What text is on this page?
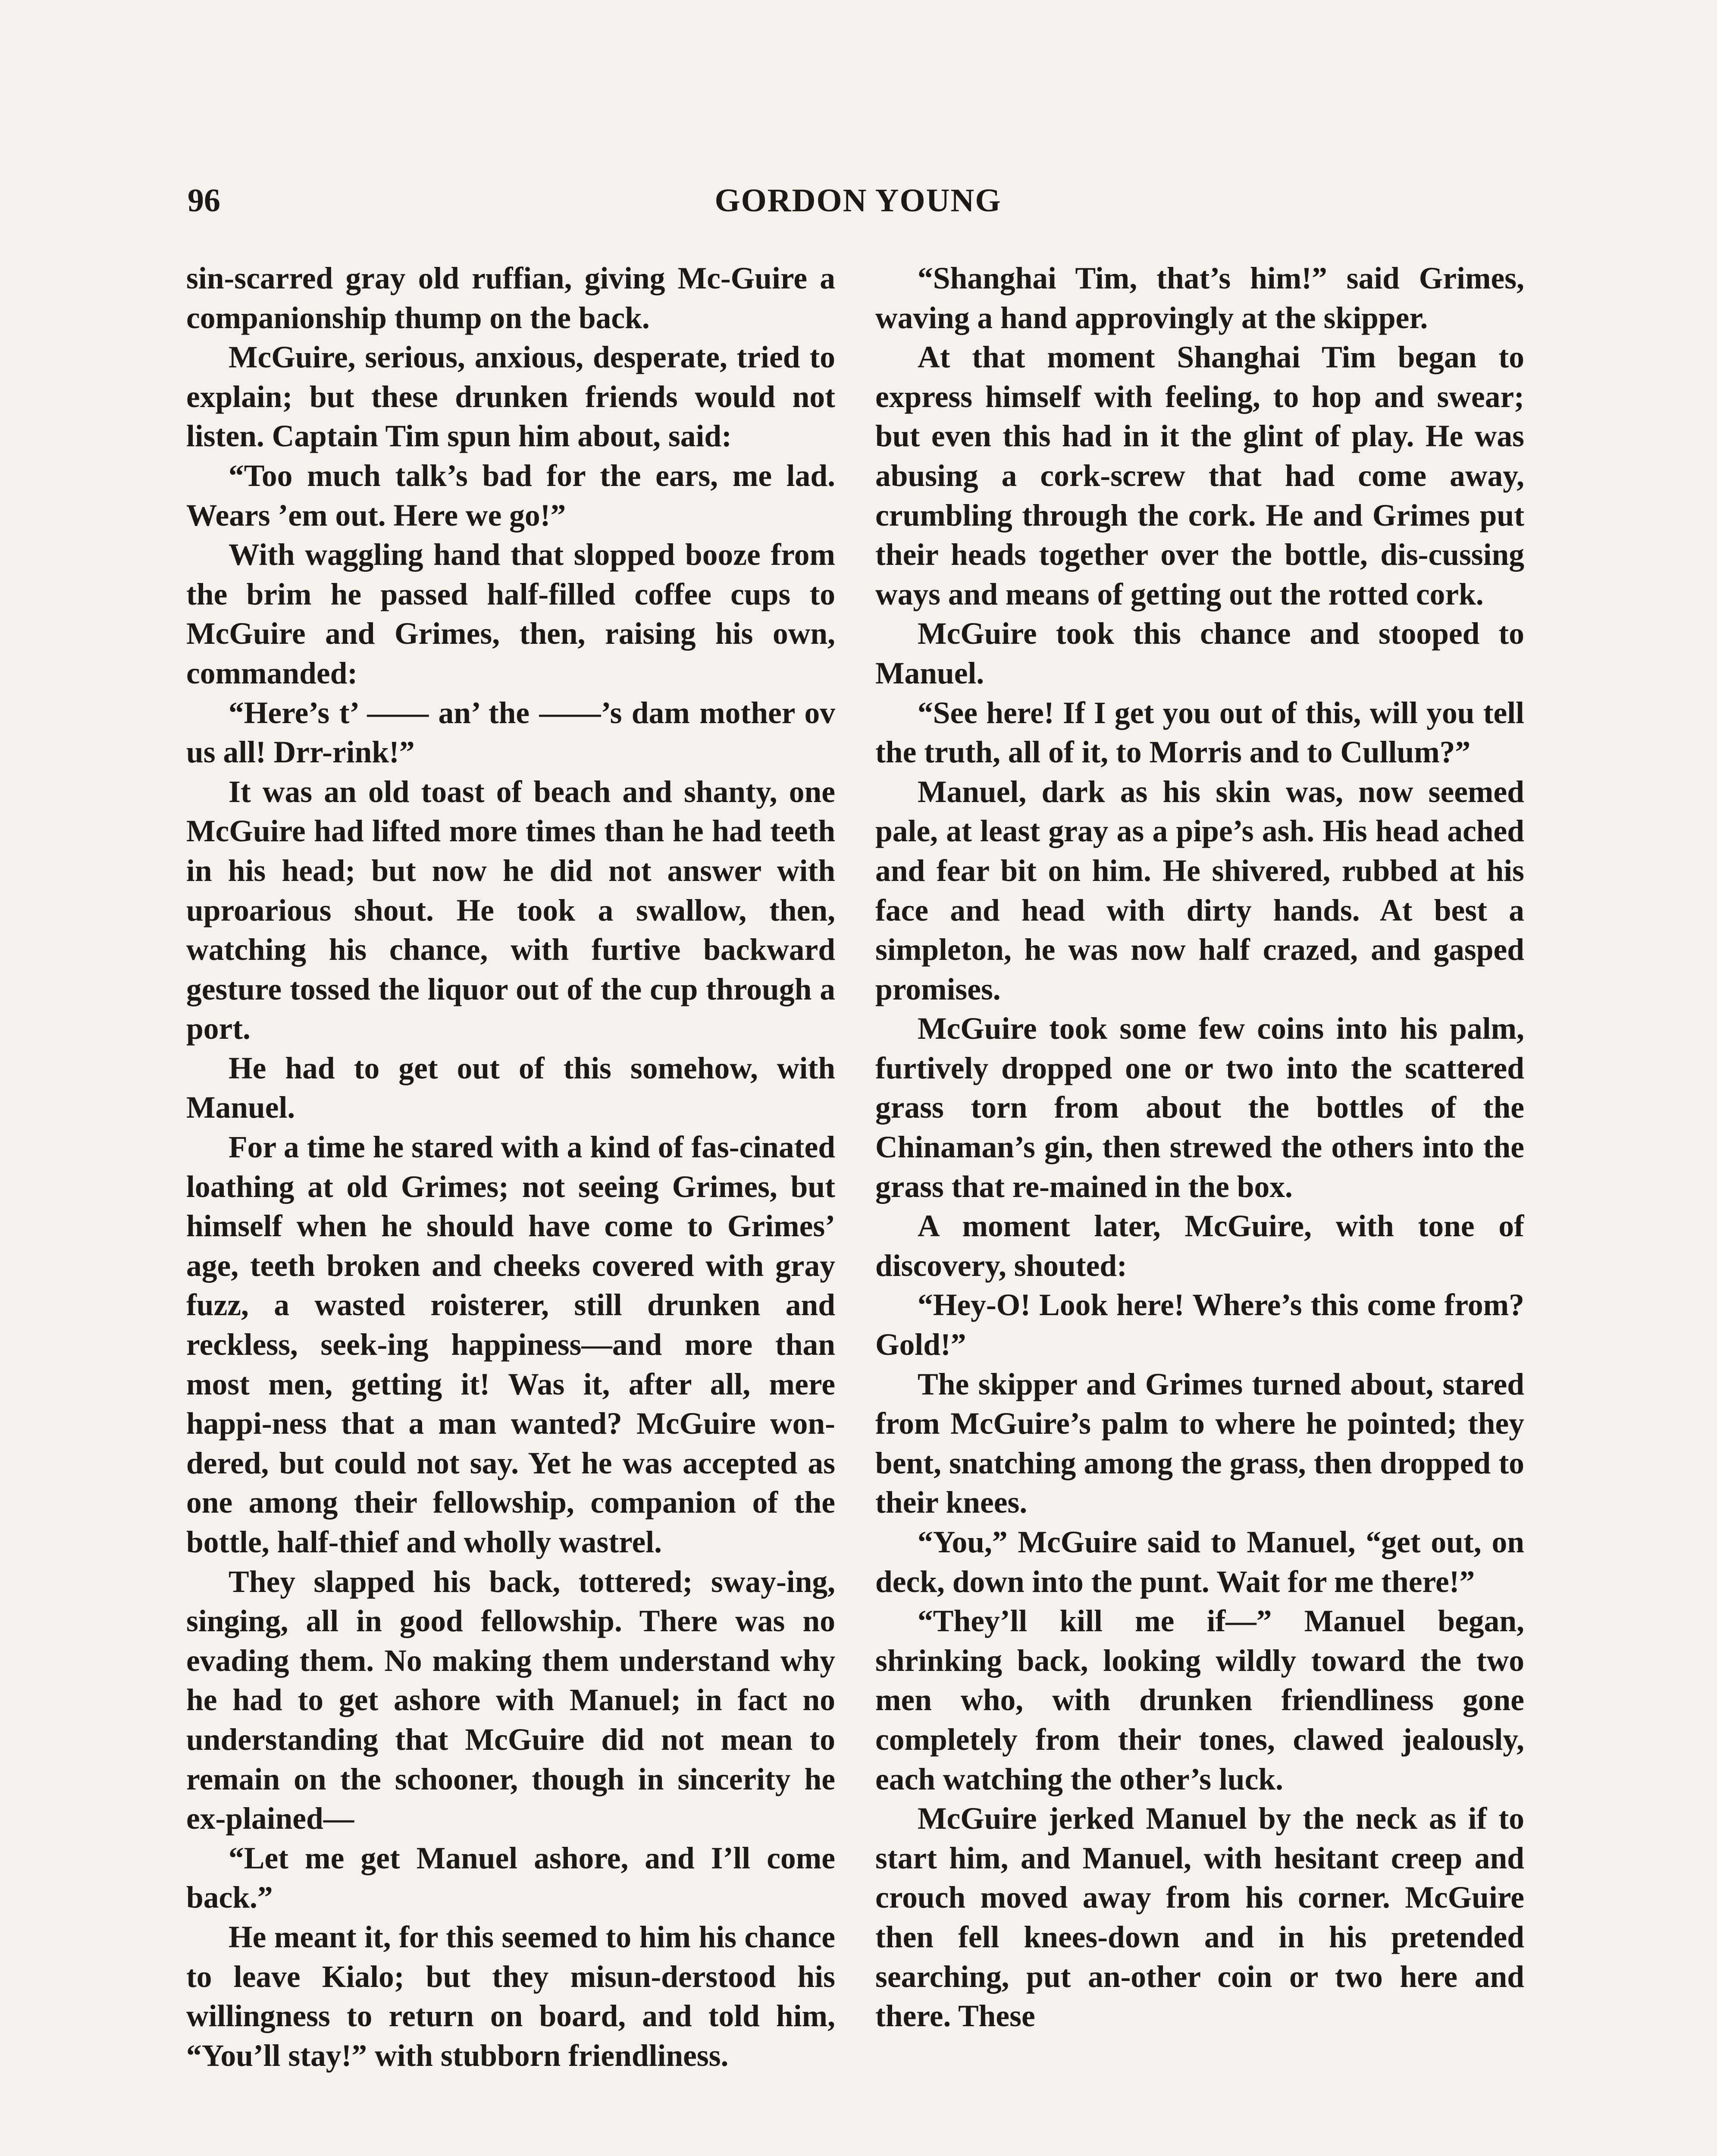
96	GORDON YOUNG

sin-scarred gray old ruffian, giving Mc-Guire a companionship thump on the back.

McGuire, serious, anxious, desperate, tried to explain; but these drunken friends would not listen. Captain Tim spun him about, said:

“Too much talk’s bad for the ears, me lad. Wears ’em out. Here we go!”

With waggling hand that slopped booze from the brim he passed half-filled coffee cups to McGuire and Grimes, then, raising his own, commanded:

“Here’s t’ —— an’ the ——’s dam mother ov us all! Drr-rink!”

It was an old toast of beach and shanty, one McGuire had lifted more times than he had teeth in his head; but now he did not answer with uproarious shout. He took a swallow, then, watching his chance, with furtive backward gesture tossed the liquor out of the cup through a port.

He had to get out of this somehow, with Manuel.

For a time he stared with a kind of fas-cinated loathing at old Grimes; not seeing Grimes, but himself when he should have come to Grimes’ age, teeth broken and cheeks covered with gray fuzz, a wasted roisterer, still drunken and reckless, seek-ing happiness—and more than most men, getting it! Was it, after all, mere happi-ness that a man wanted? McGuire won-dered, but could not say. Yet he was accepted as one among their fellowship, companion of the bottle, half-thief and wholly wastrel.

They slapped his back, tottered; sway-ing, singing, all in good fellowship. There was no evading them. No making them understand why he had to get ashore with Manuel; in fact no understanding that McGuire did not mean to remain on the schooner, though in sincerity he ex-plained—

“Let me get Manuel ashore, and I’ll come back.”

He meant it, for this seemed to him his chance to leave Kialo; but they misun-derstood his willingness to return on board, and told him, “You’ll stay!” with stubborn friendliness.

“Shanghai Tim, that’s him!” said Grimes, waving a hand approvingly at the skipper.

At that moment Shanghai Tim began to express himself with feeling, to hop and swear; but even this had in it the glint of play. He was abusing a cork-screw that had come away, crumbling through the cork. He and Grimes put their heads together over the bottle, dis-cussing ways and means of getting out the rotted cork.

McGuire took this chance and stooped to Manuel.

“See here! If I get you out of this, will you tell the truth, all of it, to Morris and to Cullum?”

Manuel, dark as his skin was, now seemed pale, at least gray as a pipe’s ash. His head ached and fear bit on him. He shivered, rubbed at his face and head with dirty hands. At best a simpleton, he was now half crazed, and gasped promises.

McGuire took some few coins into his palm, furtively dropped one or two into the scattered grass torn from about the bottles of the Chinaman’s gin, then strewed the others into the grass that re-mained in the box.

A moment later, McGuire, with tone of discovery, shouted:

“Hey-O! Look here! Where’s this come from? Gold!”

The skipper and Grimes turned about, stared from McGuire’s palm to where he pointed; they bent, snatching among the grass, then dropped to their knees.

“You,” McGuire said to Manuel, “get out, on deck, down into the punt. Wait for me there!”

“They’ll kill me if—” Manuel began, shrinking back, looking wildly toward the two men who, with drunken friendliness gone completely from their tones, clawed jealously, each watching the other’s luck.

McGuire jerked Manuel by the neck as if to start him, and Manuel, with hesitant creep and crouch moved away from his corner. McGuire then fell knees-down and in his pretended searching, put an-other coin or two here and there. These
